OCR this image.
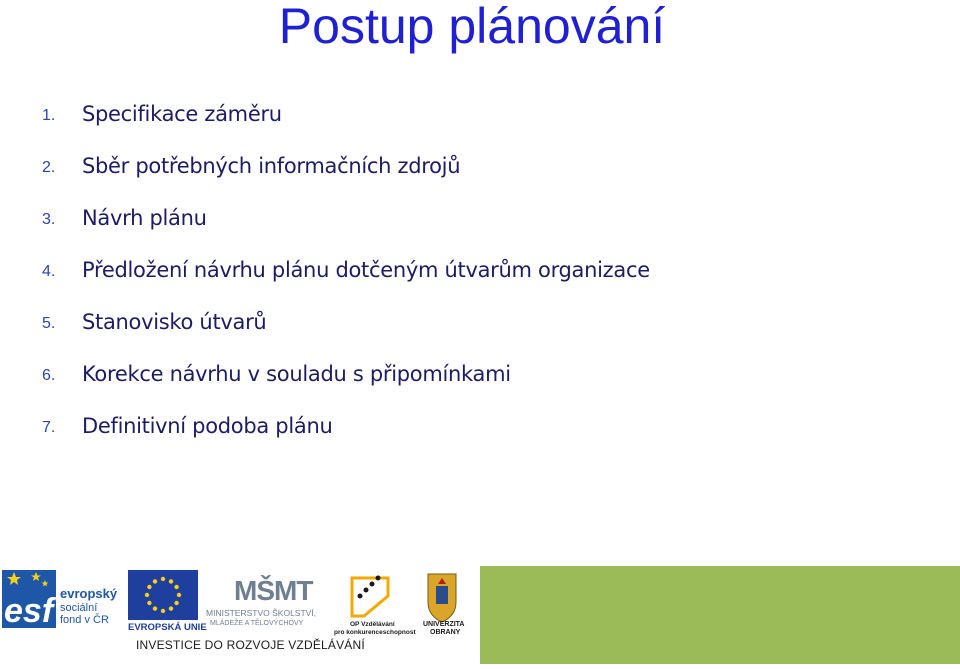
Postup plánování
1.	Specifikace záměru
2.	Sběr potřebných informačních zdrojů
3.	Návrh plánu
4.	Předložení návrhu plánu dotčeným útvarům organizace
5.	Stanovisko útvarů
6.	Korekce návrhu v souladu s připomínkami
7.	Definitivní podoba plánu
esf evropský
sociální
fond v ČR
EVROPSKÁ UNIE
MŠMT
MINISTERSTVO ŠKOLSTVÍ,
MLÁDEŽE A TĚLOVÝCHOVY	OP Vzdělávání
pro konkurenceschopnost
UNIVERZITA
OBRANY
INVESTICE DO ROZVOJE VZDĚLÁVÁNÍ
